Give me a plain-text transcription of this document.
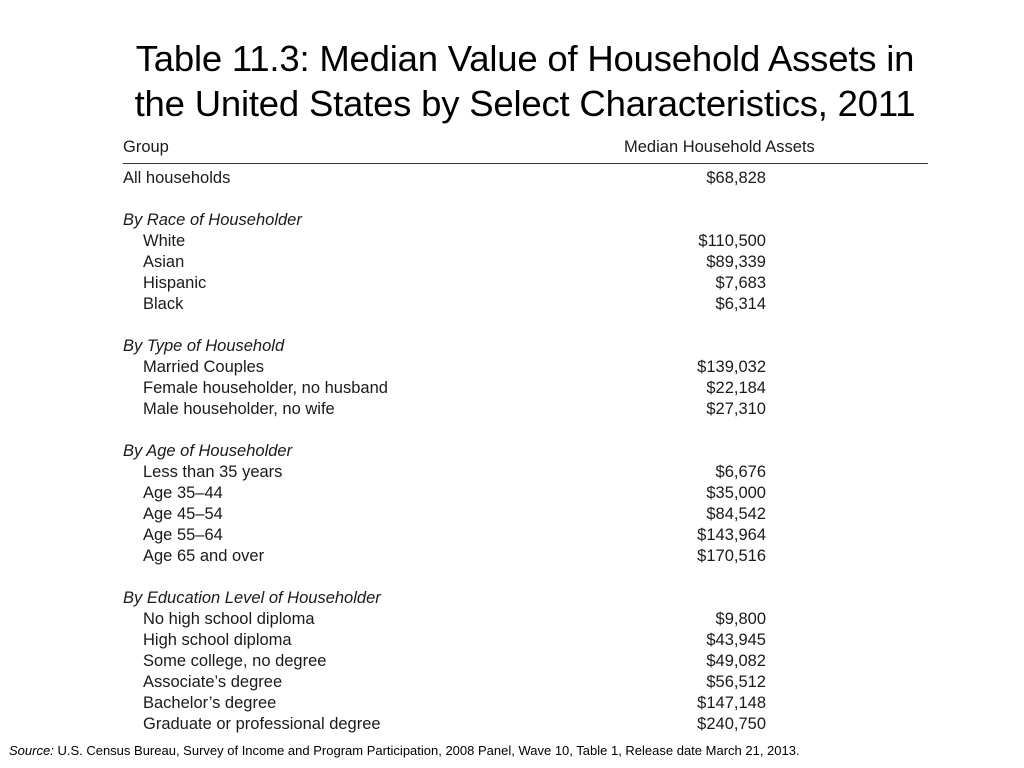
Table 11.3: Median Value of Household Assets in
the United States by Select Characteristics, 2011
Group	Median Household Assets
All households	$68,828
By Race of Householder
White	$110,500
Asian	$89,339
Hispanic	$7,683
Black	$6,314
By Type of Household
Married Couples	$139,032
Female householder, no husband	$22,184
Male householder, no wife	$27,310
By Age of Householder
Less than 35 years	$6,676
Age 35–44	$35,000
Age 45–54	$84,542
Age 55–64	$143,964
Age 65 and over	$170,516
By Education Level of Householder
No high school diploma	$9,800
High school diploma	$43,945
Some college, no degree	$49,082
Associate’s degree	$56,512
Bachelor’s degree	$147,148
Graduate or professional degree	$240,750
Source: U.S. Census Bureau, Survey of Income and Program Participation, 2008 Panel, Wave 10, Table 1, Release date March 21, 2013.
